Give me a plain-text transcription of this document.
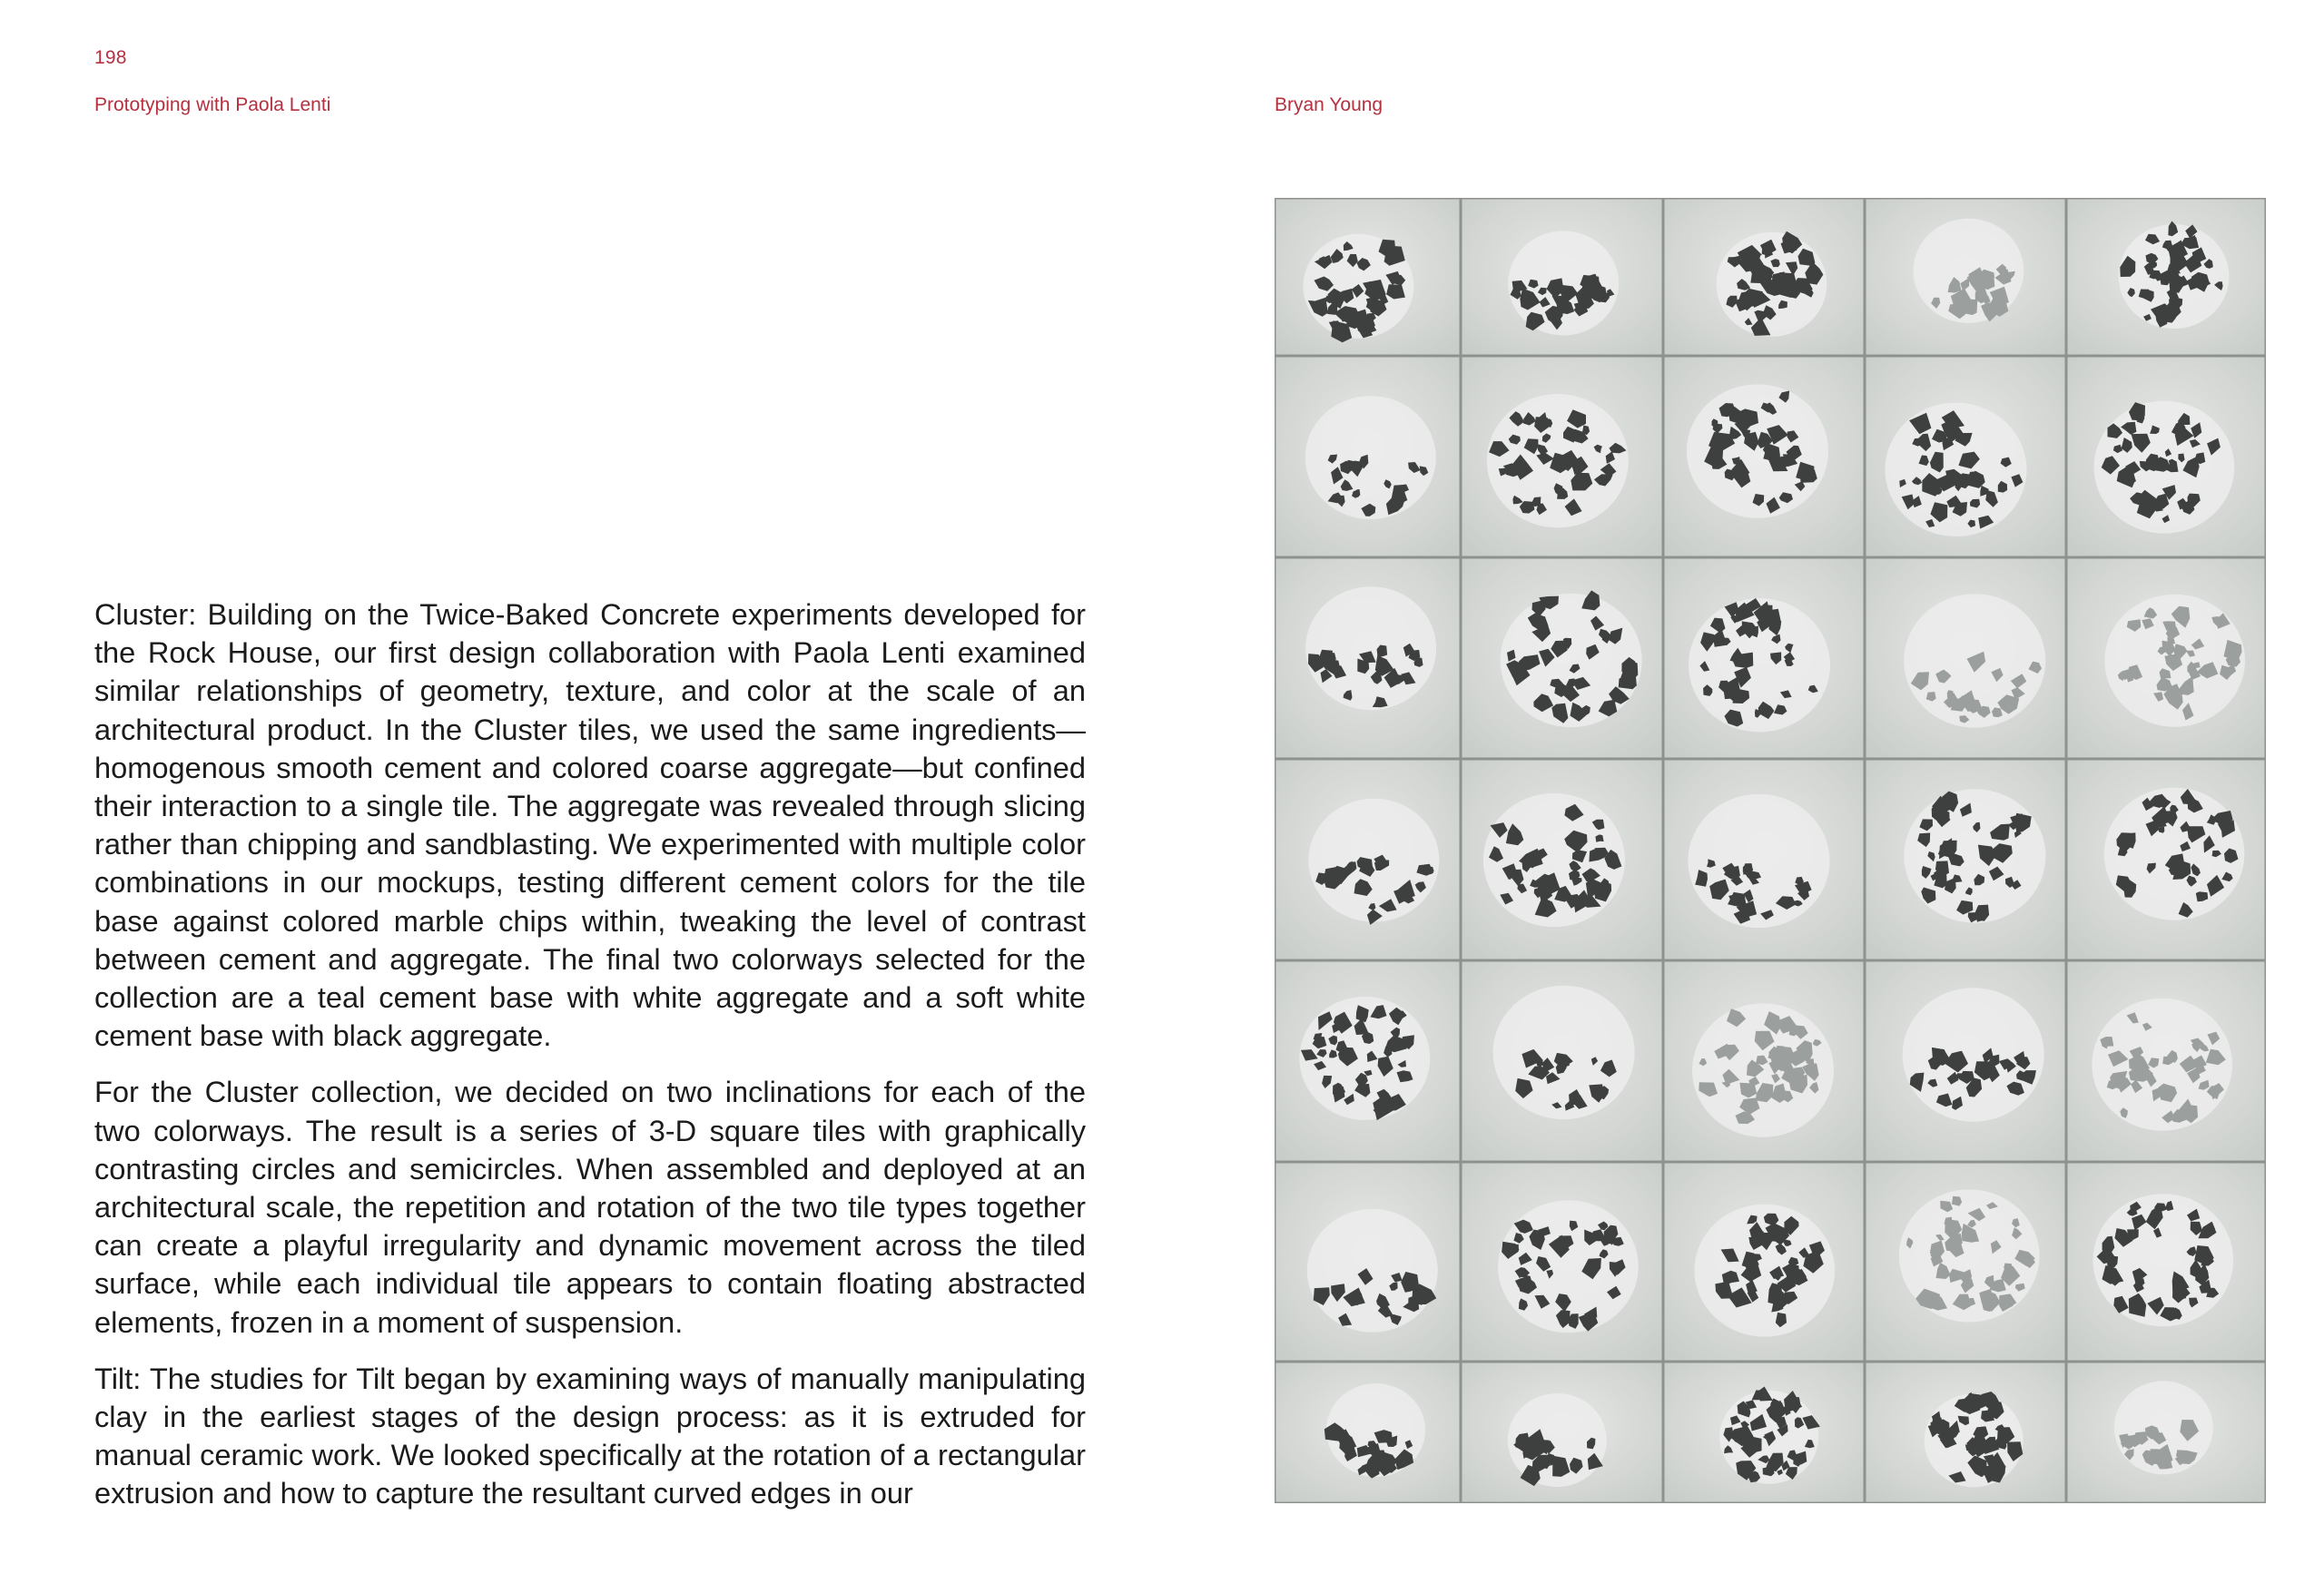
198
Prototyping with Paola Lenti	Bryan Young

Cluster: Building on the Twice-Baked Concrete experiments developed for the Rock House, our first design collaboration with Paola Lenti examined similar relationships of geometry, texture, and color at the scale of an architectural product. In the Cluster tiles, we used the same ingredients—homogenous smooth cement and colored coarse aggregate—but confined their interaction to a single tile. The aggregate was revealed through slicing rather than chipping and sandblasting. We experimented with multiple color combinations in our mockups, testing different cement colors for the tile base against colored marble chips within, tweaking the level of contrast between cement and aggregate. The final two colorways selected for the collection are a teal cement base with white aggregate and a soft white cement base with black aggregate.

For the Cluster collection, we decided on two inclinations for each of the two colorways. The result is a series of 3-D square tiles with graphically contrasting circles and semicircles. When assembled and deployed at an architectural scale, the repetition and rotation of the two tile types together can create a playful irregularity and dynamic movement across the tiled surface, while each individual tile appears to contain floating abstracted elements, frozen in a moment of suspension.

Tilt: The studies for Tilt began by examining ways of manually manipulating clay in the earliest stages of the design process: as it is extruded for manual ceramic work. We looked specifically at the rotation of a rectangular extrusion and how to capture the resultant curved edges in our
